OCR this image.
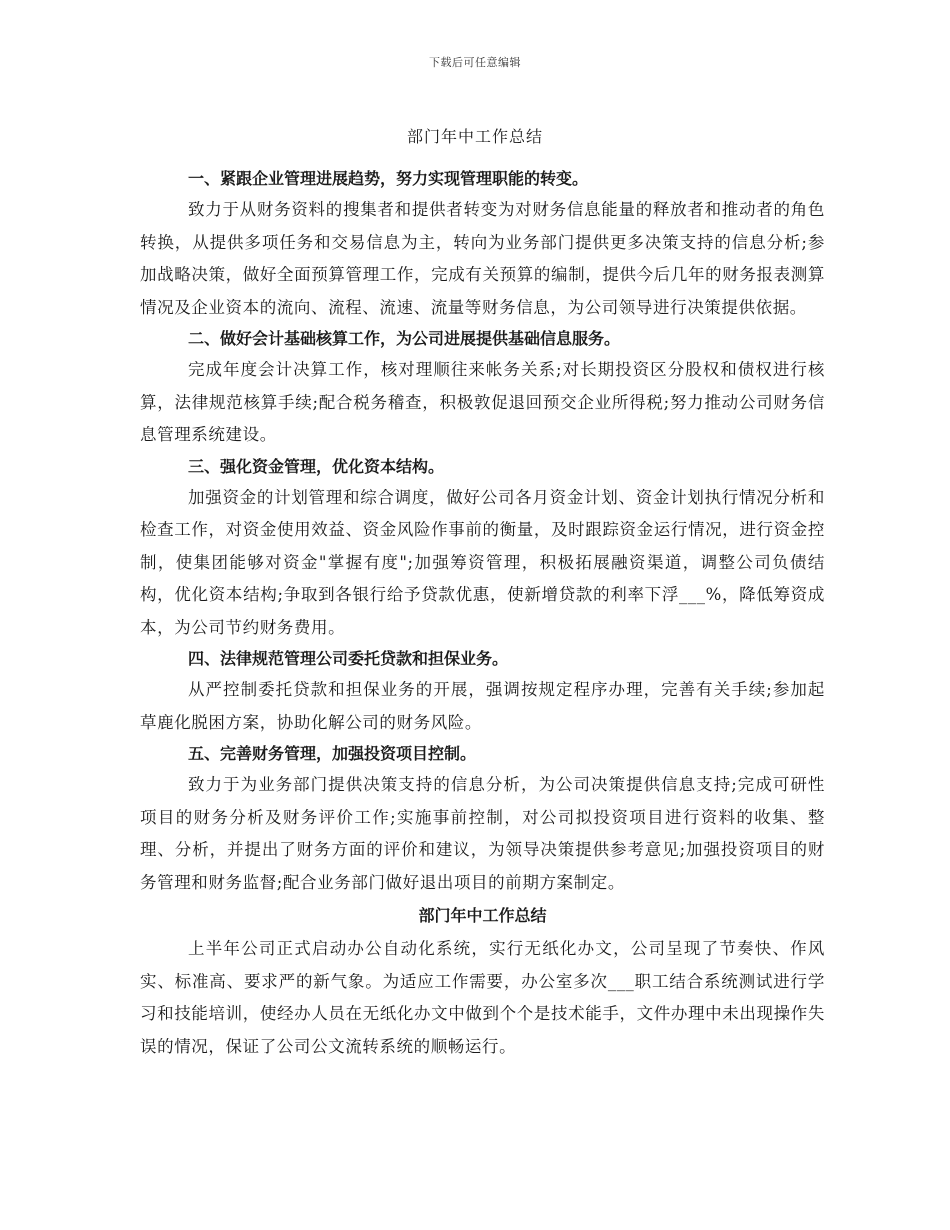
下载后可任意编辑
部门年中工作总结

一、紧跟企业管理进展趋势，努力实现管理职能的转变。

致力于从财务资料的搜集者和提供者转变为对财务信息能量的释放者和推动者的角色转换，从提供多项任务和交易信息为主，转向为业务部门提供更多决策支持的信息分析;参加战略决策，做好全面预算管理工作，完成有关预算的编制，提供今后几年的财务报表测算情况及企业资本的流向、流程、流速、流量等财务信息，为公司领导进行决策提供依据。

二、做好会计基础核算工作，为公司进展提供基础信息服务。

完成年度会计决算工作，核对理顺往来帐务关系;对长期投资区分股权和债权进行核算，法律规范核算手续;配合税务稽查，积极敦促退回预交企业所得税;努力推动公司财务信息管理系统建设。

三、强化资金管理，优化资本结构。

加强资金的计划管理和综合调度，做好公司各月资金计划、资金计划执行情况分析和检查工作，对资金使用效益、资金风险作事前的衡量，及时跟踪资金运行情况，进行资金控制，使集团能够对资金"掌握有度";加强筹资管理，积极拓展融资渠道，调整公司负债结构，优化资本结构;争取到各银行给予贷款优惠，使新增贷款的利率下浮___%，降低筹资成本，为公司节约财务费用。

四、法律规范管理公司委托贷款和担保业务。

从严控制委托贷款和担保业务的开展，强调按规定程序办理，完善有关手续;参加起草鹿化脱困方案，协助化解公司的财务风险。

五、完善财务管理，加强投资项目控制。

致力于为业务部门提供决策支持的信息分析，为公司决策提供信息支持;完成可研性项目的财务分析及财务评价工作;实施事前控制，对公司拟投资项目进行资料的收集、整理、分析，并提出了财务方面的评价和建议，为领导决策提供参考意见;加强投资项目的财务管理和财务监督;配合业务部门做好退出项目的前期方案制定。

部门年中工作总结

上半年公司正式启动办公自动化系统，实行无纸化办文，公司呈现了节奏快、作风实、标准高、要求严的新气象。为适应工作需要，办公室多次___职工结合系统测试进行学习和技能培训，使经办人员在无纸化办文中做到个个是技术能手，文件办理中未出现操作失误的情况，保证了公司公文流转系统的顺畅运行。
